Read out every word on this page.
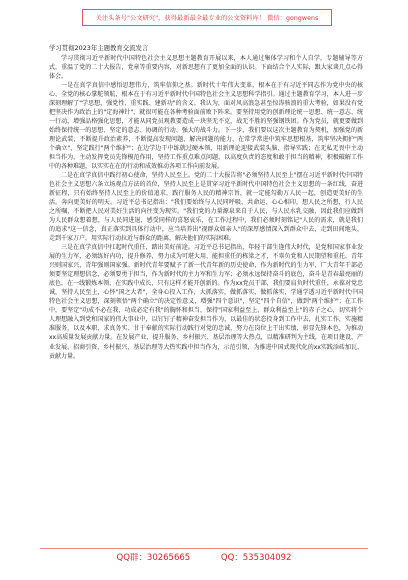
关注头条号"公文研究"，获得最新最全最专业的公文资料库！ 微信：gongwens

学习贯彻2023年主题教育交流发言

学习贯彻习近平新时代中国特色社会主义思想主题教育开展以来，本人通过集体学习和个人自学，专题辅导等方式，重温了党的二十大报告，党章等重要内容，对新思想有了更加全面的认识。下面结合个人实际，跟大家谈几点心得体会。

一是在真学真信中感悟思想伟力，筑牢信仰之基。新时代十年伟大变革，根本在于有习近平同志作为党中央的核心、全党的核心掌舵领航，根本在于有习近平新时代中国特色社会主义思想科学指引。通过主题教育学习，本人进一步深刻理解了"学思想、强党性、重实践、建新功"的含义。我认为，面对风高浪急甚至惊涛骇浪的重大考验，如果没有党把坚决作为政治上的"定海神针"，就很可能在各种考验面前败下阵来。要坚持用党的创新理论统一思想、统一意志、统一行动，增强品格强化思想，才能从同党员观教要造成一块坚无不克，战无不胜的坚强钢铁团。作为党员，就更要做到始终保持统一的思想、坚定的意志、协调的行动、强大的战斗力。下一步，我们要以这次主题教育为契机，加强党的新理论武装，不断提升政治素养，不断提高发现问题、解决问题的能力，在常学常进中筑牢思想根基，筑牢坚决拥护"两个确立"，坚定践行"两个维护"；在边学边干中练就过硬本领，用新理论迎接武装头脑、指导实践；在无私无畏中主动担当作为，主动发挥党员先锋模范作用，坚持工作重点难点问题，以高度负责的态度和敢于担当的精神，积极破解工作中的各种难题，以实实在在的行动和成效推动各项工作向前发展。

二是在真学真信中践行初心使命，坚持人民至上。党的二十大报告将"必须坚持人民至上"摆在习近平新时代中国特色社会主义思想六条立场观点方法的首位，坚持人民至上是贯穿习近平新时代中国特色社会主义思想的一条红线，奋进新征程，只有始终坚持人民至上的价值追求，践行服务人民的精神宗旨，就一定能勾勒万人民一起，创造更美好的生活。奔向更美好的明天。习近平总书记指出："我们要始终与人民同呼吸、共命运、心心相印，想人民之所想，行人民之所嘱，不断把人民对美好生活的向往变为现实。"我们党的力量源泉来自于人民，与人民水乳交融，因此我们应做到为人民群众想着想，与人民同进退，感受同样的喜怒哀乐，在工作过程中，我们必须时刻铭记"人民的需求，就是我们的追求"这一信念，真正落实到具体行动中，应当培养出"视群众如亲人"的深厚感情深入到群众中去，走到田间地头，走到千家万户，用实际行动拉近与群众的距离，解决他们的实际困难。

三是在真学真信中扛起时代重任，踏出美好前途。习近平总书记指出，年轻干部生逢伟大时代，是党和国家事业发展的生力军，必须练好内功，提升修养，努力成为可堪大用、能担重任的栋梁之才，不辜负党和人民期望和重托。青年兴则国家兴，青年强则国家强。新时代青年要赋予了新一代青年新的历史使命，作为新时代的生力军，广大青年干部必须要坚定理想信念，必须要勇于担当，作为新时代的主力军和生力军；必须永远保持奋斗的底色，奋斗是青春最亮丽的底色，在一线锻炼本领，在实践中成长，只有这样才能开创新的。作为xx党员干部，我们要肩负时代重任，永葆对党忠诚，坚持人民至上，心怀"国之大者"，全身心投入工作，大抓落实，做抓落实，做抓落实，学通学透习近平新时代中国特色社会主义思想，深刻领悟"两个确立"的决定性意义，增强"四个意识"，坚定"四个自信"，做到"两个维护"；在工作中，要坚定"功成不必在我，功成必定有我"的胸怀和担当，保持"国家利益至上、群众利益至上"的赤子之心，切实将个人理想融入到党和国家的伟大事业中，以钉钉子精神奋发担当作为，以最佳的状态投身到工作中去，扎实工作，实施精准服务，以及本职、求真务实、甘于奉献的实际行动践行对党的忠诚，努力在岗位上干出实绩，彰显先锋本色，为推动xx高质量发展贡献力量。在发展产业、提升服务、乡村振兴、基层治理等大热点，以精准研判为主线，在项目建设、产业发展、招商引资、乡村振兴、基层治理等大热实践中担当作为，示范引领，为推进中国式现代化的xx实践添砖加瓦、贡献力量。

QQ群：30265665	QQ：535304092
